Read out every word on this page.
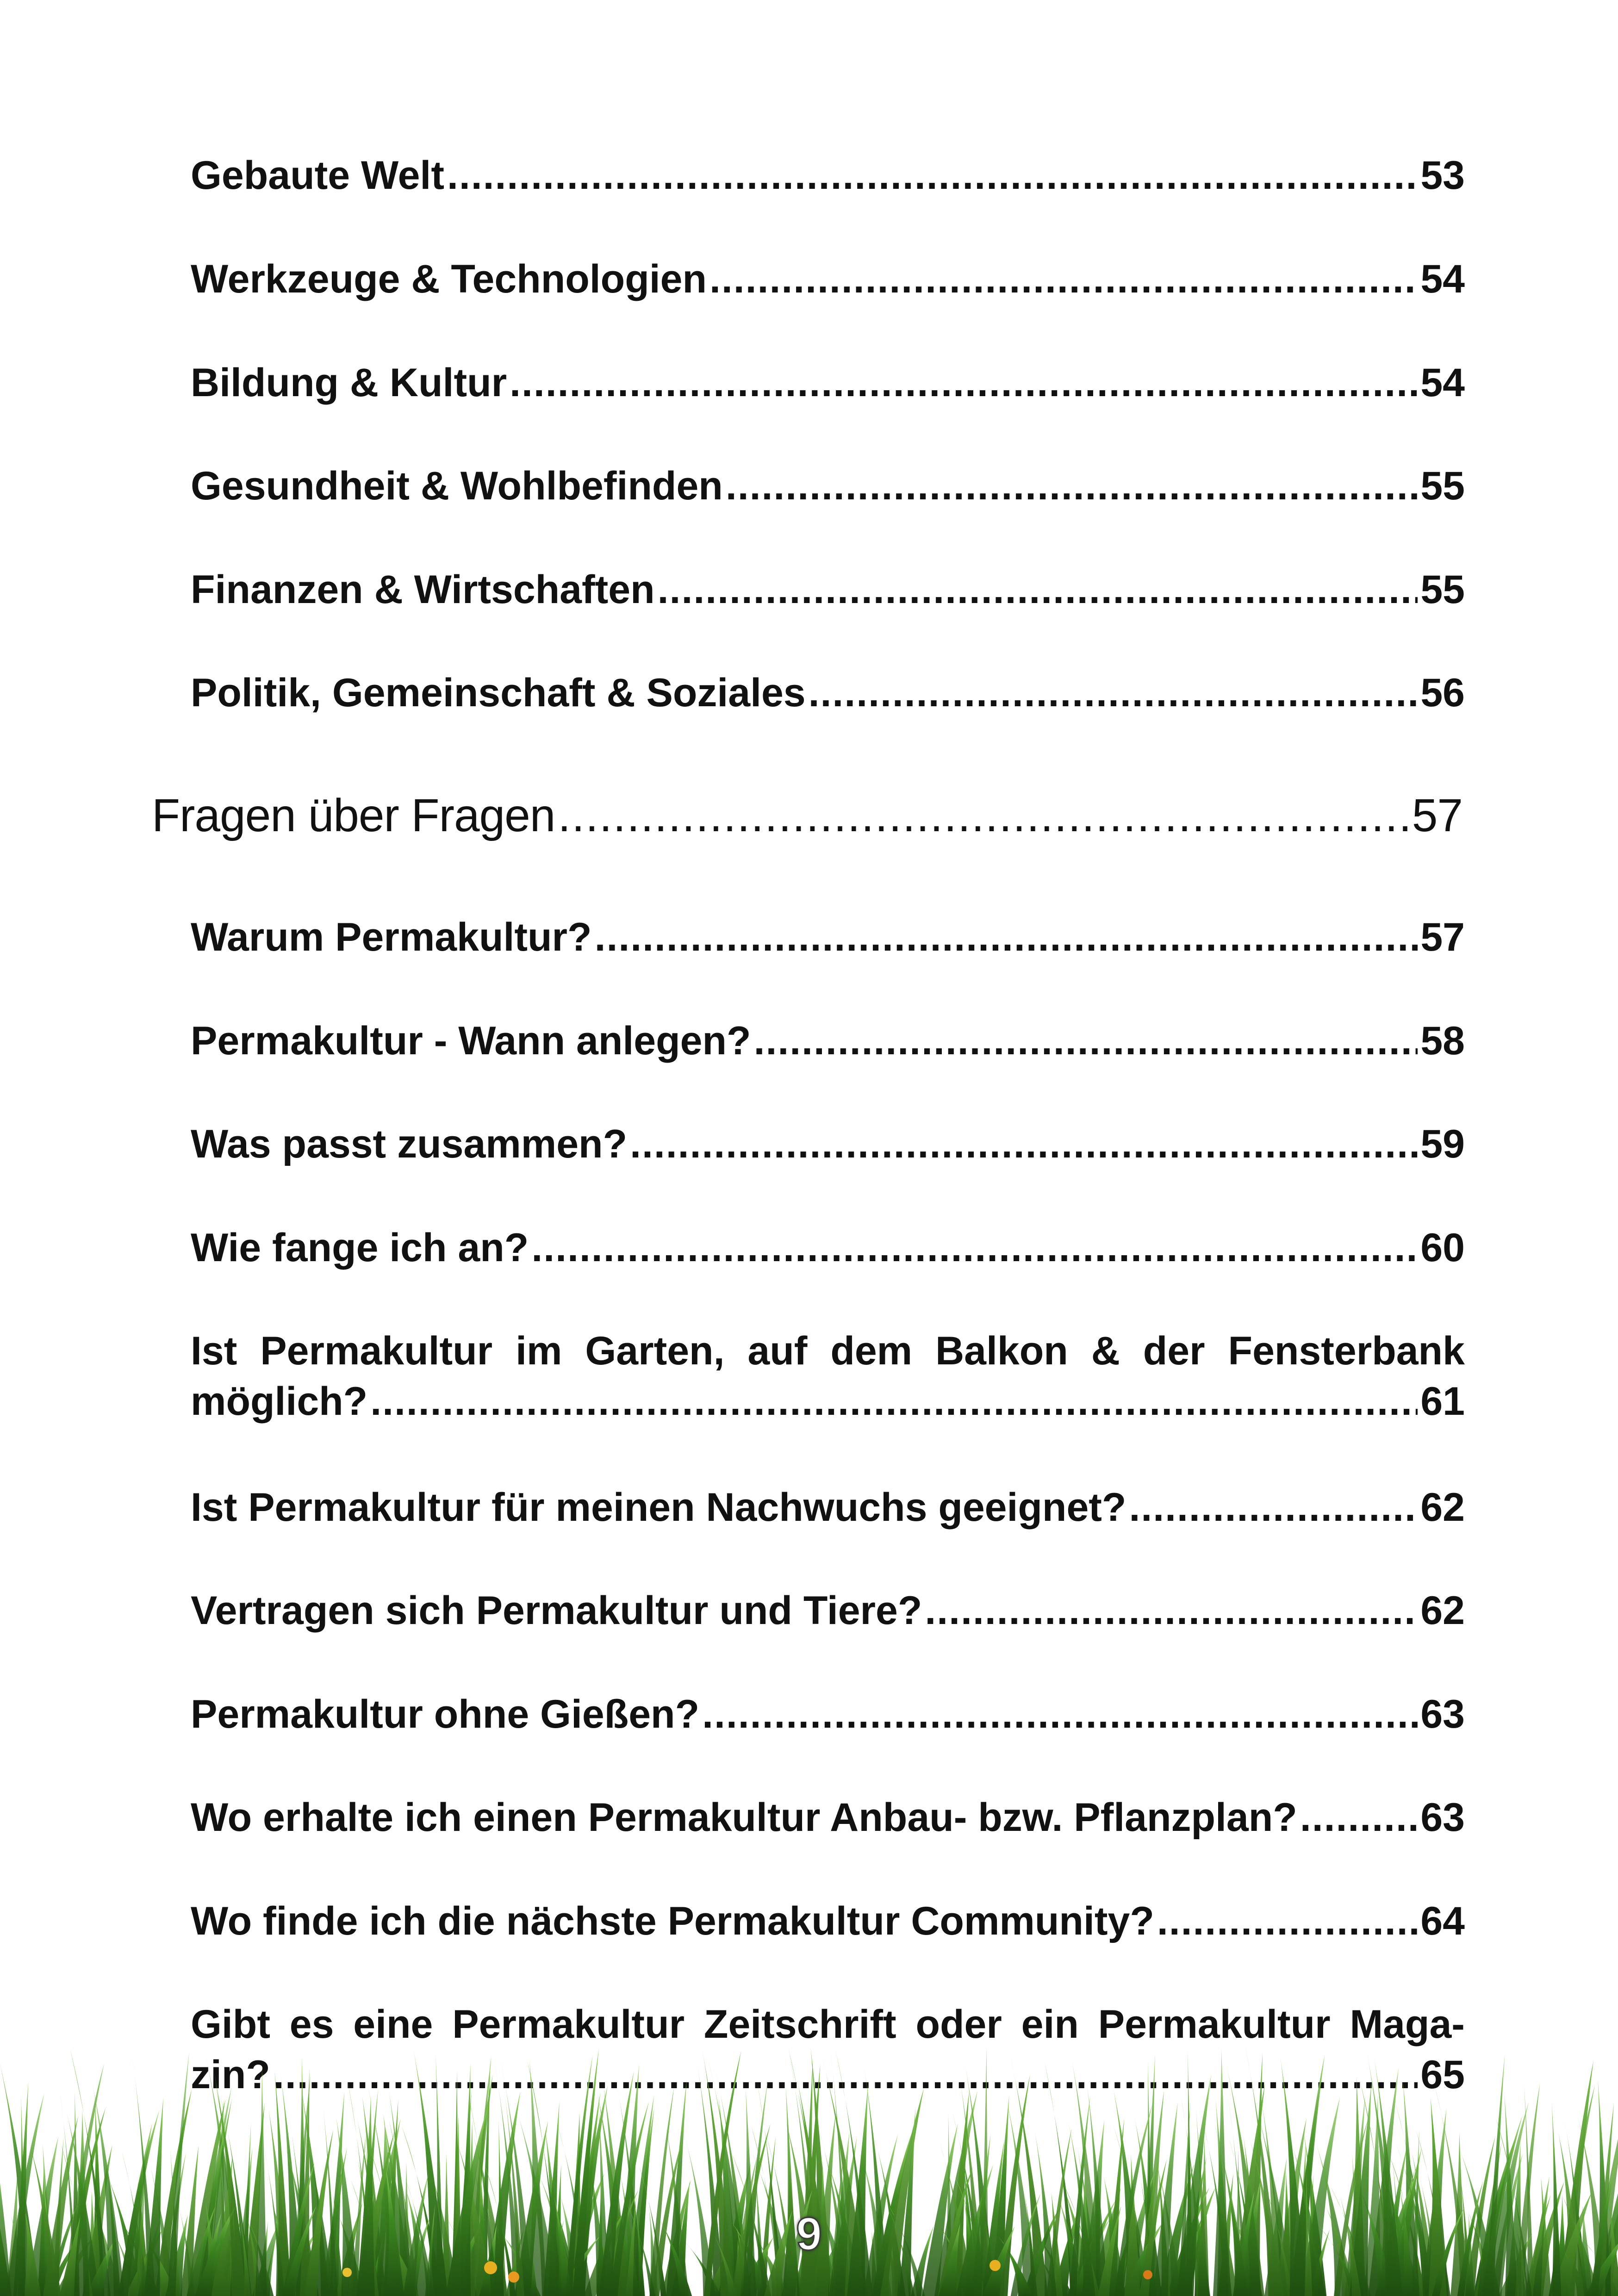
Gebaute Welt .....	53
Werkzeuge & Technologien .....	54
Bildung & Kultur .....	54
Gesundheit & Wohlbefinden .....	55
Finanzen & Wirtschaften .....	55
Politik, Gemeinschaft & Soziales .....	56
Fragen über Fragen .....	57
Warum Permakultur? .....	57
Permakultur - Wann anlegen? .....	58
Was passt zusammen? .....	59
Wie fange ich an? .....	60
Ist Permakultur im Garten, auf dem Balkon & der Fensterbank
möglich? .....	61
Ist Permakultur für meinen Nachwuchs geeignet? .....	62
Vertragen sich Permakultur und Tiere? .....	62
Permakultur ohne Gießen? .....	63
Wo erhalte ich einen Permakultur Anbau- bzw. Pflanzplan? .....	63
Wo finde ich die nächste Permakultur Community? .....	64
Gibt es eine Permakultur Zeitschrift oder ein Permakultur Maga-
zin? .....	65
9
